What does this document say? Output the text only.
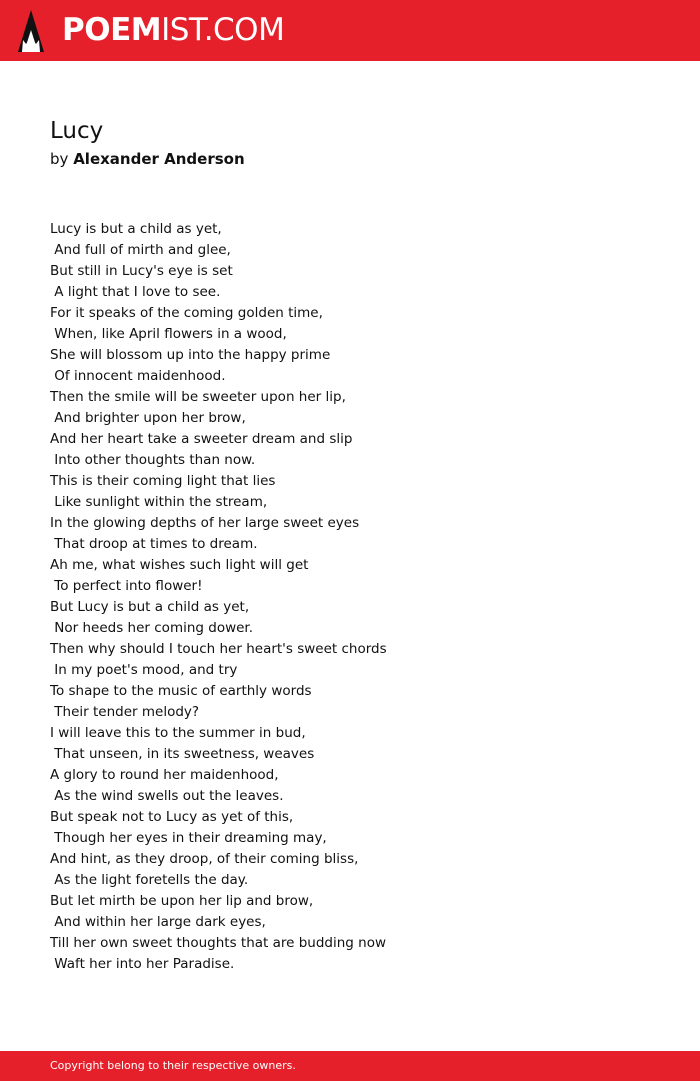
POEMIST.COM
Lucy
by Alexander Anderson
Lucy is but a child as yet,
And full of mirth and glee,
But still in Lucy's eye is set
A light that I love to see.
For it speaks of the coming golden time,
When, like April flowers in a wood,
She will blossom up into the happy prime
Of innocent maidenhood.
Then the smile will be sweeter upon her lip,
And brighter upon her brow,
And her heart take a sweeter dream and slip
Into other thoughts than now.
This is their coming light that lies
Like sunlight within the stream,
In the glowing depths of her large sweet eyes
That droop at times to dream.
Ah me, what wishes such light will get
To perfect into flower!
But Lucy is but a child as yet,
Nor heeds her coming dower.
Then why should I touch her heart's sweet chords
In my poet's mood, and try
To shape to the music of earthly words
Their tender melody?
I will leave this to the summer in bud,
That unseen, in its sweetness, weaves
A glory to round her maidenhood,
As the wind swells out the leaves.
But speak not to Lucy as yet of this,
Though her eyes in their dreaming may,
And hint, as they droop, of their coming bliss,
As the light foretells the day.
But let mirth be upon her lip and brow,
And within her large dark eyes,
Till her own sweet thoughts that are budding now
Waft her into her Paradise.
Copyright belong to their respective owners.
